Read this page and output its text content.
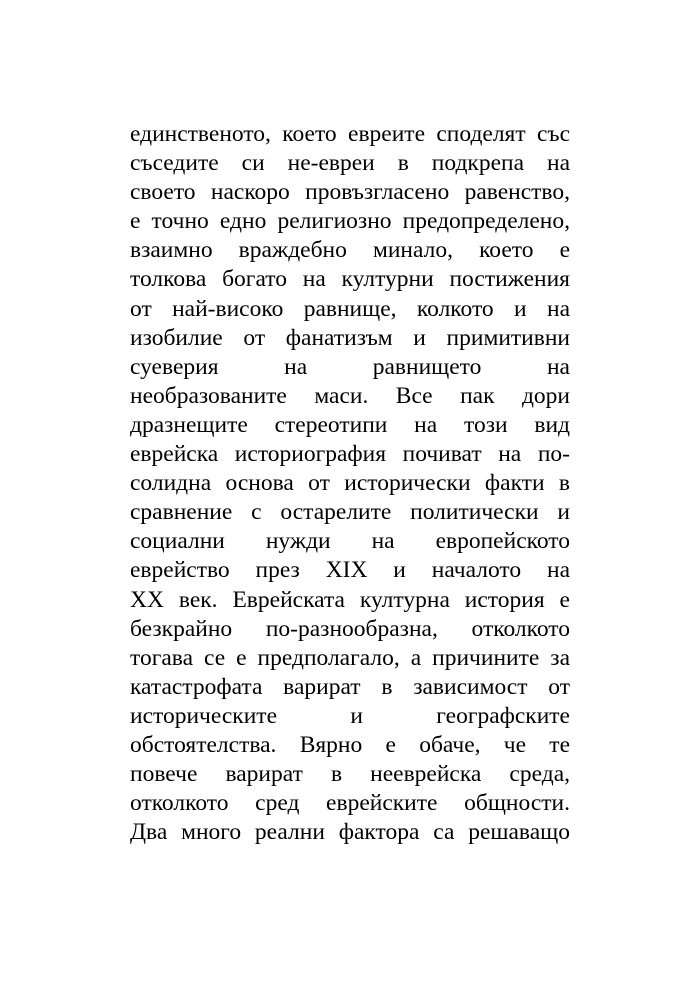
единственото, което евреите споделят със
съседите си не-евреи в подкрепа на
своето наскоро провъзгласено равенство,
е точно едно религиозно предопределено,
взаимно враждебно минало, което е
толкова богато на културни постижения
от най-високо равнище, колкото и на
изобилие от фанатизъм и примитивни
суеверия на равнището на
необразованите маси. Все пак дори
дразнещите стереотипи на този вид
еврейска историография почиват на по-
солидна основа от исторически факти в
сравнение с остарелите политически и
социални нужди на европейското
еврейство през XIX и началото на
XX век. Еврейската културна история е
безкрайно по-разнообразна, отколкото
тогава се е предполагало, а причините за
катастрофата варират в зависимост от
историческите и географските
обстоятелства. Вярно е обаче, че те
повече варират в нееврейска среда,
отколкото сред еврейските общности.
Два много реални фактора са решаващо
